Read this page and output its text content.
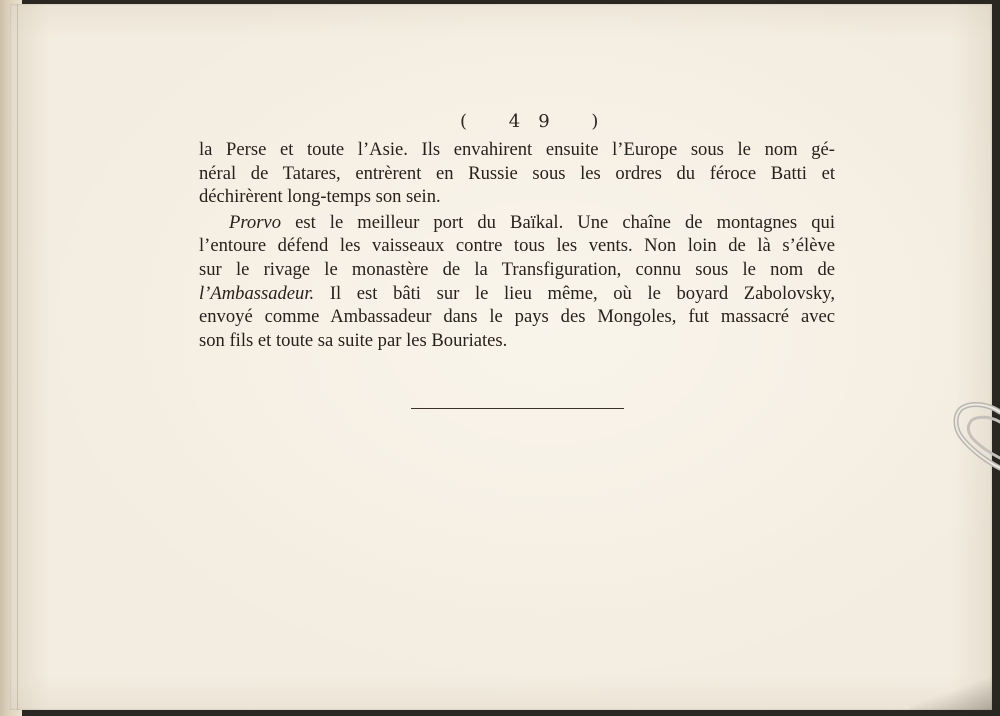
( 49 )
la Perse et toute l’Asie. Ils envahirent ensuite l’Europe sous le nom gé-
néral de Tatares, entrèrent en Russie sous les ordres du féroce Batti et
déchirèrent long-temps son sein.
Prorvo est le meilleur port du Baïkal. Une chaîne de montagnes qui
l’entoure défend les vaisseaux contre tous les vents. Non loin de là s’élève
sur le rivage le monastère de la Transfiguration, connu sous le nom de
l’Ambassadeur. Il est bâti sur le lieu même, où le boyard Zabolovsky,
envoyé comme Ambassadeur dans le pays des Mongoles, fut massacré avec
son fils et toute sa suite par les Bouriates.
